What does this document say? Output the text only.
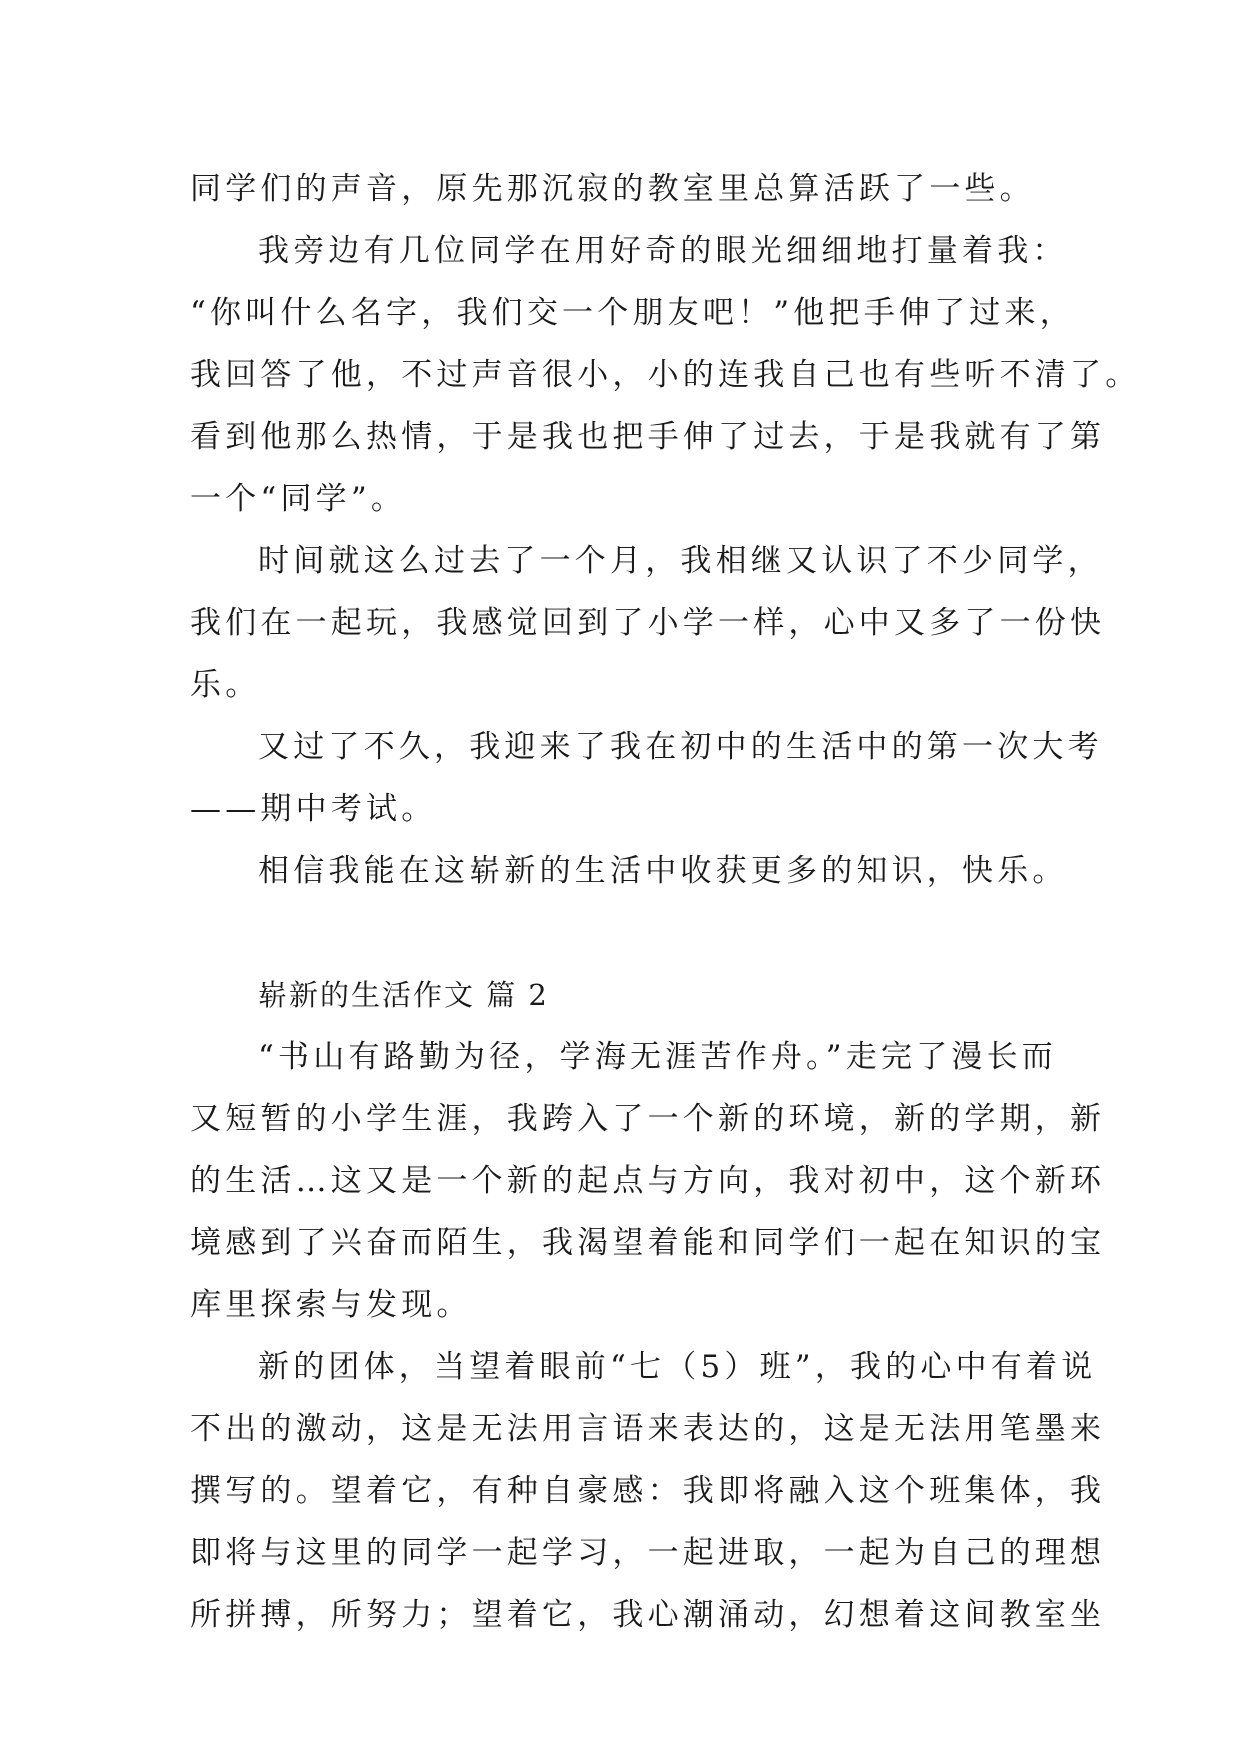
同学们的声音，原先那沉寂的教室里总算活跃了一些。
我旁边有几位同学在用好奇的眼光细细地打量着我：
“你叫什么名字，我们交一个朋友吧！”他把手伸了过来，
我回答了他，不过声音很小，小的连我自己也有些听不清了。
看到他那么热情，于是我也把手伸了过去，于是我就有了第
一个“同学”。
时间就这么过去了一个月，我相继又认识了不少同学，
我们在一起玩，我感觉回到了小学一样，心中又多了一份快
乐。
又过了不久，我迎来了我在初中的生活中的第一次大考
——期中考试。
相信我能在这崭新的生活中收获更多的知识，快乐。
崭新的生活作文 篇 2
“书山有路勤为径，学海无涯苦作舟。”走完了漫长而
又短暂的小学生涯，我跨入了一个新的环境，新的学期，新
的生活…这又是一个新的起点与方向，我对初中，这个新环
境感到了兴奋而陌生，我渴望着能和同学们一起在知识的宝
库里探索与发现。
新的团体，当望着眼前“七（5）班”，我的心中有着说
不出的激动，这是无法用言语来表达的，这是无法用笔墨来
撰写的。望着它，有种自豪感：我即将融入这个班集体，我
即将与这里的同学一起学习，一起进取，一起为自己的理想
所拼搏，所努力；望着它，我心潮涌动，幻想着这间教室坐
